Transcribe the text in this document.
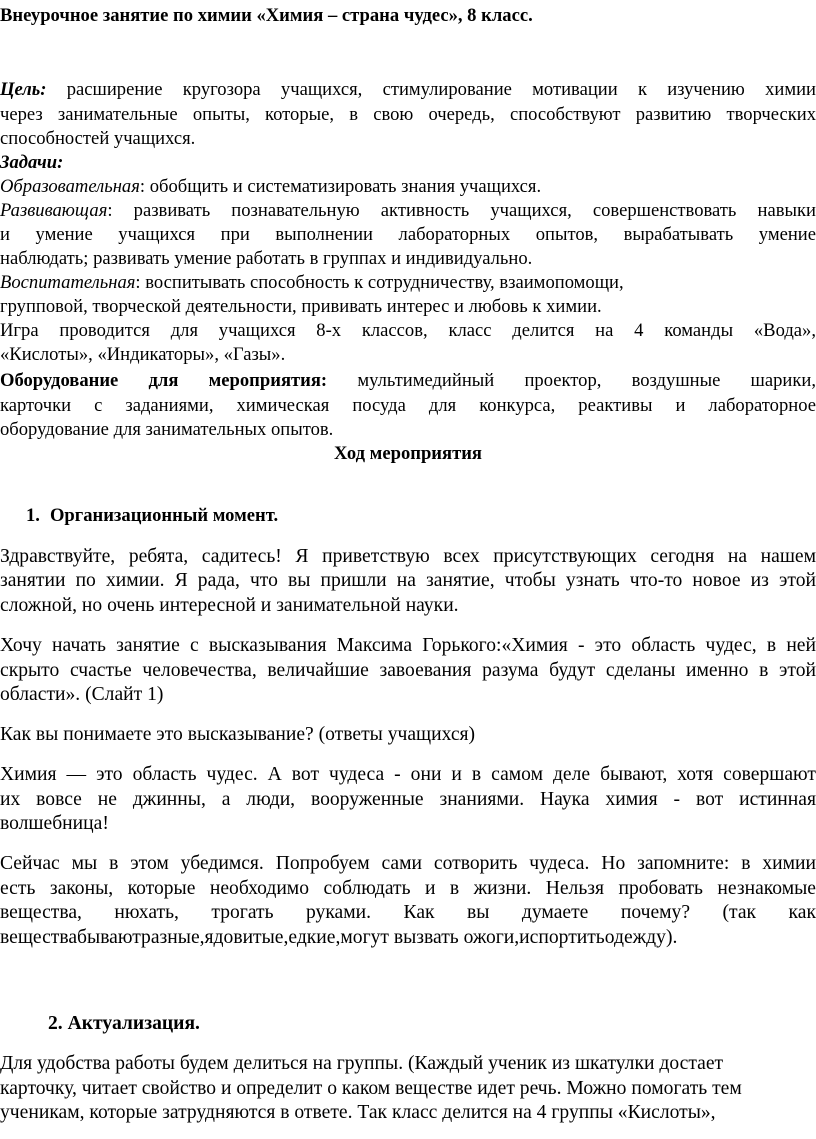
Внеурочное занятие по химии «Химия – страна чудес», 8 класс.
Цель: расширение кругозора учащихся, стимулирование мотивации к изучению химии
через занимательные опыты, которые, в свою очередь, способствуют развитию творческих
способностей учащихся.
Задачи:
Образовательная: обобщить и систематизировать знания учащихся.
Развивающая: развивать познавательную активность учащихся, совершенствовать навыки
и умение учащихся при выполнении лабораторных опытов, вырабатывать умение
наблюдать; развивать умение работать в группах и индивидуально.
Воспитательная: воспитывать способность к сотрудничеству, взаимопомощи,
групповой, творческой деятельности, прививать интерес и любовь к химии.
Игра проводится для учащихся 8-х классов, класс делится на 4 команды «Вода»,
«Кислоты», «Индикаторы», «Газы».
Оборудование для мероприятия: мультимедийный проектор, воздушные шарики,
карточки с заданиями, химическая посуда для конкурса, реактивы и лабораторное
оборудование для занимательных опытов.
Ход мероприятия
1. Организационный момент.
Здравствуйте, ребята, садитесь! Я приветствую всех присутствующих сегодня на нашем
занятии по химии. Я рада, что вы пришли на занятие, чтобы узнать что-то новое из этой
сложной, но очень интересной и занимательной науки.
Хочу начать занятие с высказывания Максима Горького:«Химия - это область чудес, в ней
скрыто счастье человечества, величайшие завоевания разума будут сделаны именно в этой
области». (Слайт 1)
Как вы понимаете это высказывание? (ответы учащихся)
Химия — это область чудес. А вот чудеса - они и в самом деле бывают, хотя совершают
их вовсе не джинны, а люди, вооруженные знаниями. Наука химия - вот истинная
волшебница!
Сейчас мы в этом убедимся. Попробуем сами сотворить чудеса. Но запомните: в химии
есть законы, которые необходимо соблюдать и в жизни. Нельзя пробовать незнакомые
вещества, нюхать, трогать руками. Как вы думаете почему? (так как
веществабываютразные,ядовитые,едкие,могут вызвать ожоги,испортитьодежду).
2. Актуализация.
Для удобства работы будем делиться на группы. (Каждый ученик из шкатулки достает
карточку, читает свойство и определит о каком веществе идет речь. Можно помогать тем
ученикам, которые затрудняются в ответе. Так класс делится на 4 группы «Кислоты»,
